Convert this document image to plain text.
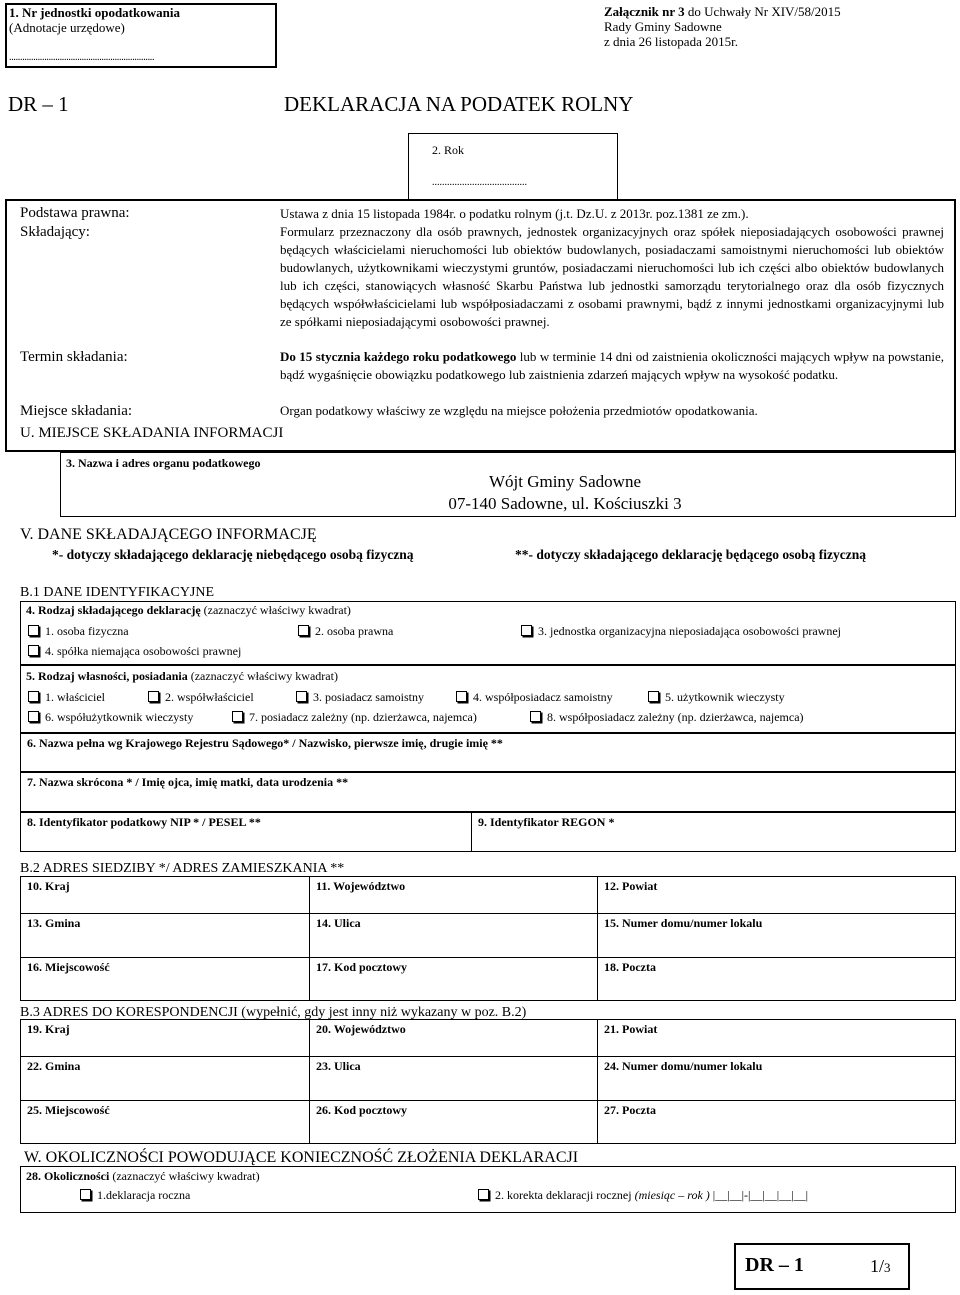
1. Nr jednostki opodatkowania
(Adnotacje urzędowe)
..................................................................
Załącznik nr 3 do Uchwały Nr XIV/58/2015
Rady Gminy Sadowne
z dnia 26 listopada 2015r.
DR – 1	DEKLARACJA NA PODATEK ROLNY
2. Rok
......................................
Podstawa prawna:	Ustawa z dnia 15 listopada 1984r. o podatku rolnym (j.t. Dz.U. z 2013r. poz.1381 ze zm.).
Składający:	Formularz przeznaczony dla osób prawnych, jednostek organizacyjnych oraz spółek nieposiadających osobowości prawnej będących właścicielami nieruchomości lub obiektów budowlanych, posiadaczami samoistnymi nieruchomości lub obiektów budowlanych, użytkownikami wieczystymi gruntów, posiadaczami nieruchomości lub ich części albo obiektów budowlanych lub ich części, stanowiących własność Skarbu Państwa lub jednostki samorządu terytorialnego oraz dla osób fizycznych będących współwłaścicielami lub współposiadaczami z osobami prawnymi, bądź z innymi jednostkami organizacyjnymi lub ze spółkami nieposiadającymi osobowości prawnej.
Termin składania:	Do 15 stycznia każdego roku podatkowego lub w terminie 14 dni od zaistnienia okoliczności mających wpływ na powstanie, bądź wygaśnięcie obowiązku podatkowego lub zaistnienia zdarzeń mających wpływ na wysokość podatku.
Miejsce składania:	Organ podatkowy właściwy ze względu na miejsce położenia przedmiotów opodatkowania.
U. MIEJSCE SKŁADANIA INFORMACJI
3. Nazwa i adres organu podatkowego
Wójt Gminy Sadowne
07-140 Sadowne, ul. Kościuszki 3
V. DANE SKŁADAJĄCEGO INFORMACJĘ
*- dotyczy składającego deklarację niebędącego osobą fizyczną	**- dotyczy składającego deklarację będącego osobą fizyczną
B.1 DANE IDENTYFIKACYJNE
4. Rodzaj składającego deklarację (zaznaczyć właściwy kwadrat)
1. osoba fizyczna	2. osoba prawna	3. jednostka organizacyjna nieposiadająca osobowości prawnej
4. spółka niemająca osobowości prawnej
5. Rodzaj własności, posiadania (zaznaczyć właściwy kwadrat)
1. właściciel	2. współwłaściciel	3. posiadacz samoistny	4. współposiadacz samoistny	5. użytkownik wieczysty
6. współużytkownik wieczysty	7. posiadacz zależny (np. dzierżawca, najemca)	8. współposiadacz zależny (np. dzierżawca, najemca)
6. Nazwa pełna wg Krajowego Rejestru Sądowego* / Nazwisko, pierwsze imię, drugie imię **
7. Nazwa skrócona * / Imię ojca, imię matki, data urodzenia **
8. Identyfikator podatkowy NIP * / PESEL **	9. Identyfikator REGON *
B.2 ADRES SIEDZIBY */ ADRES ZAMIESZKANIA **
10. Kraj	11. Województwo	12. Powiat
13. Gmina	14. Ulica	15. Numer domu/numer lokalu
16. Miejscowość	17. Kod pocztowy	18. Poczta
B.3 ADRES DO KORESPONDENCJI (wypełnić, gdy jest inny niż wykazany w poz. B.2)
19. Kraj	20. Województwo	21. Powiat
22. Gmina	23. Ulica	24. Numer domu/numer lokalu
25. Miejscowość	26. Kod pocztowy	27. Poczta
W. OKOLICZNOŚCI POWODUJĄCE KONIECZNOŚĆ ZŁOŻENIA DEKLARACJI
28. Okoliczności (zaznaczyć właściwy kwadrat)
1.deklaracja roczna	2. korekta deklaracji rocznej (miesiąc – rok ) |__|__|-|__|__|__|__|
DR – 1	1/3
